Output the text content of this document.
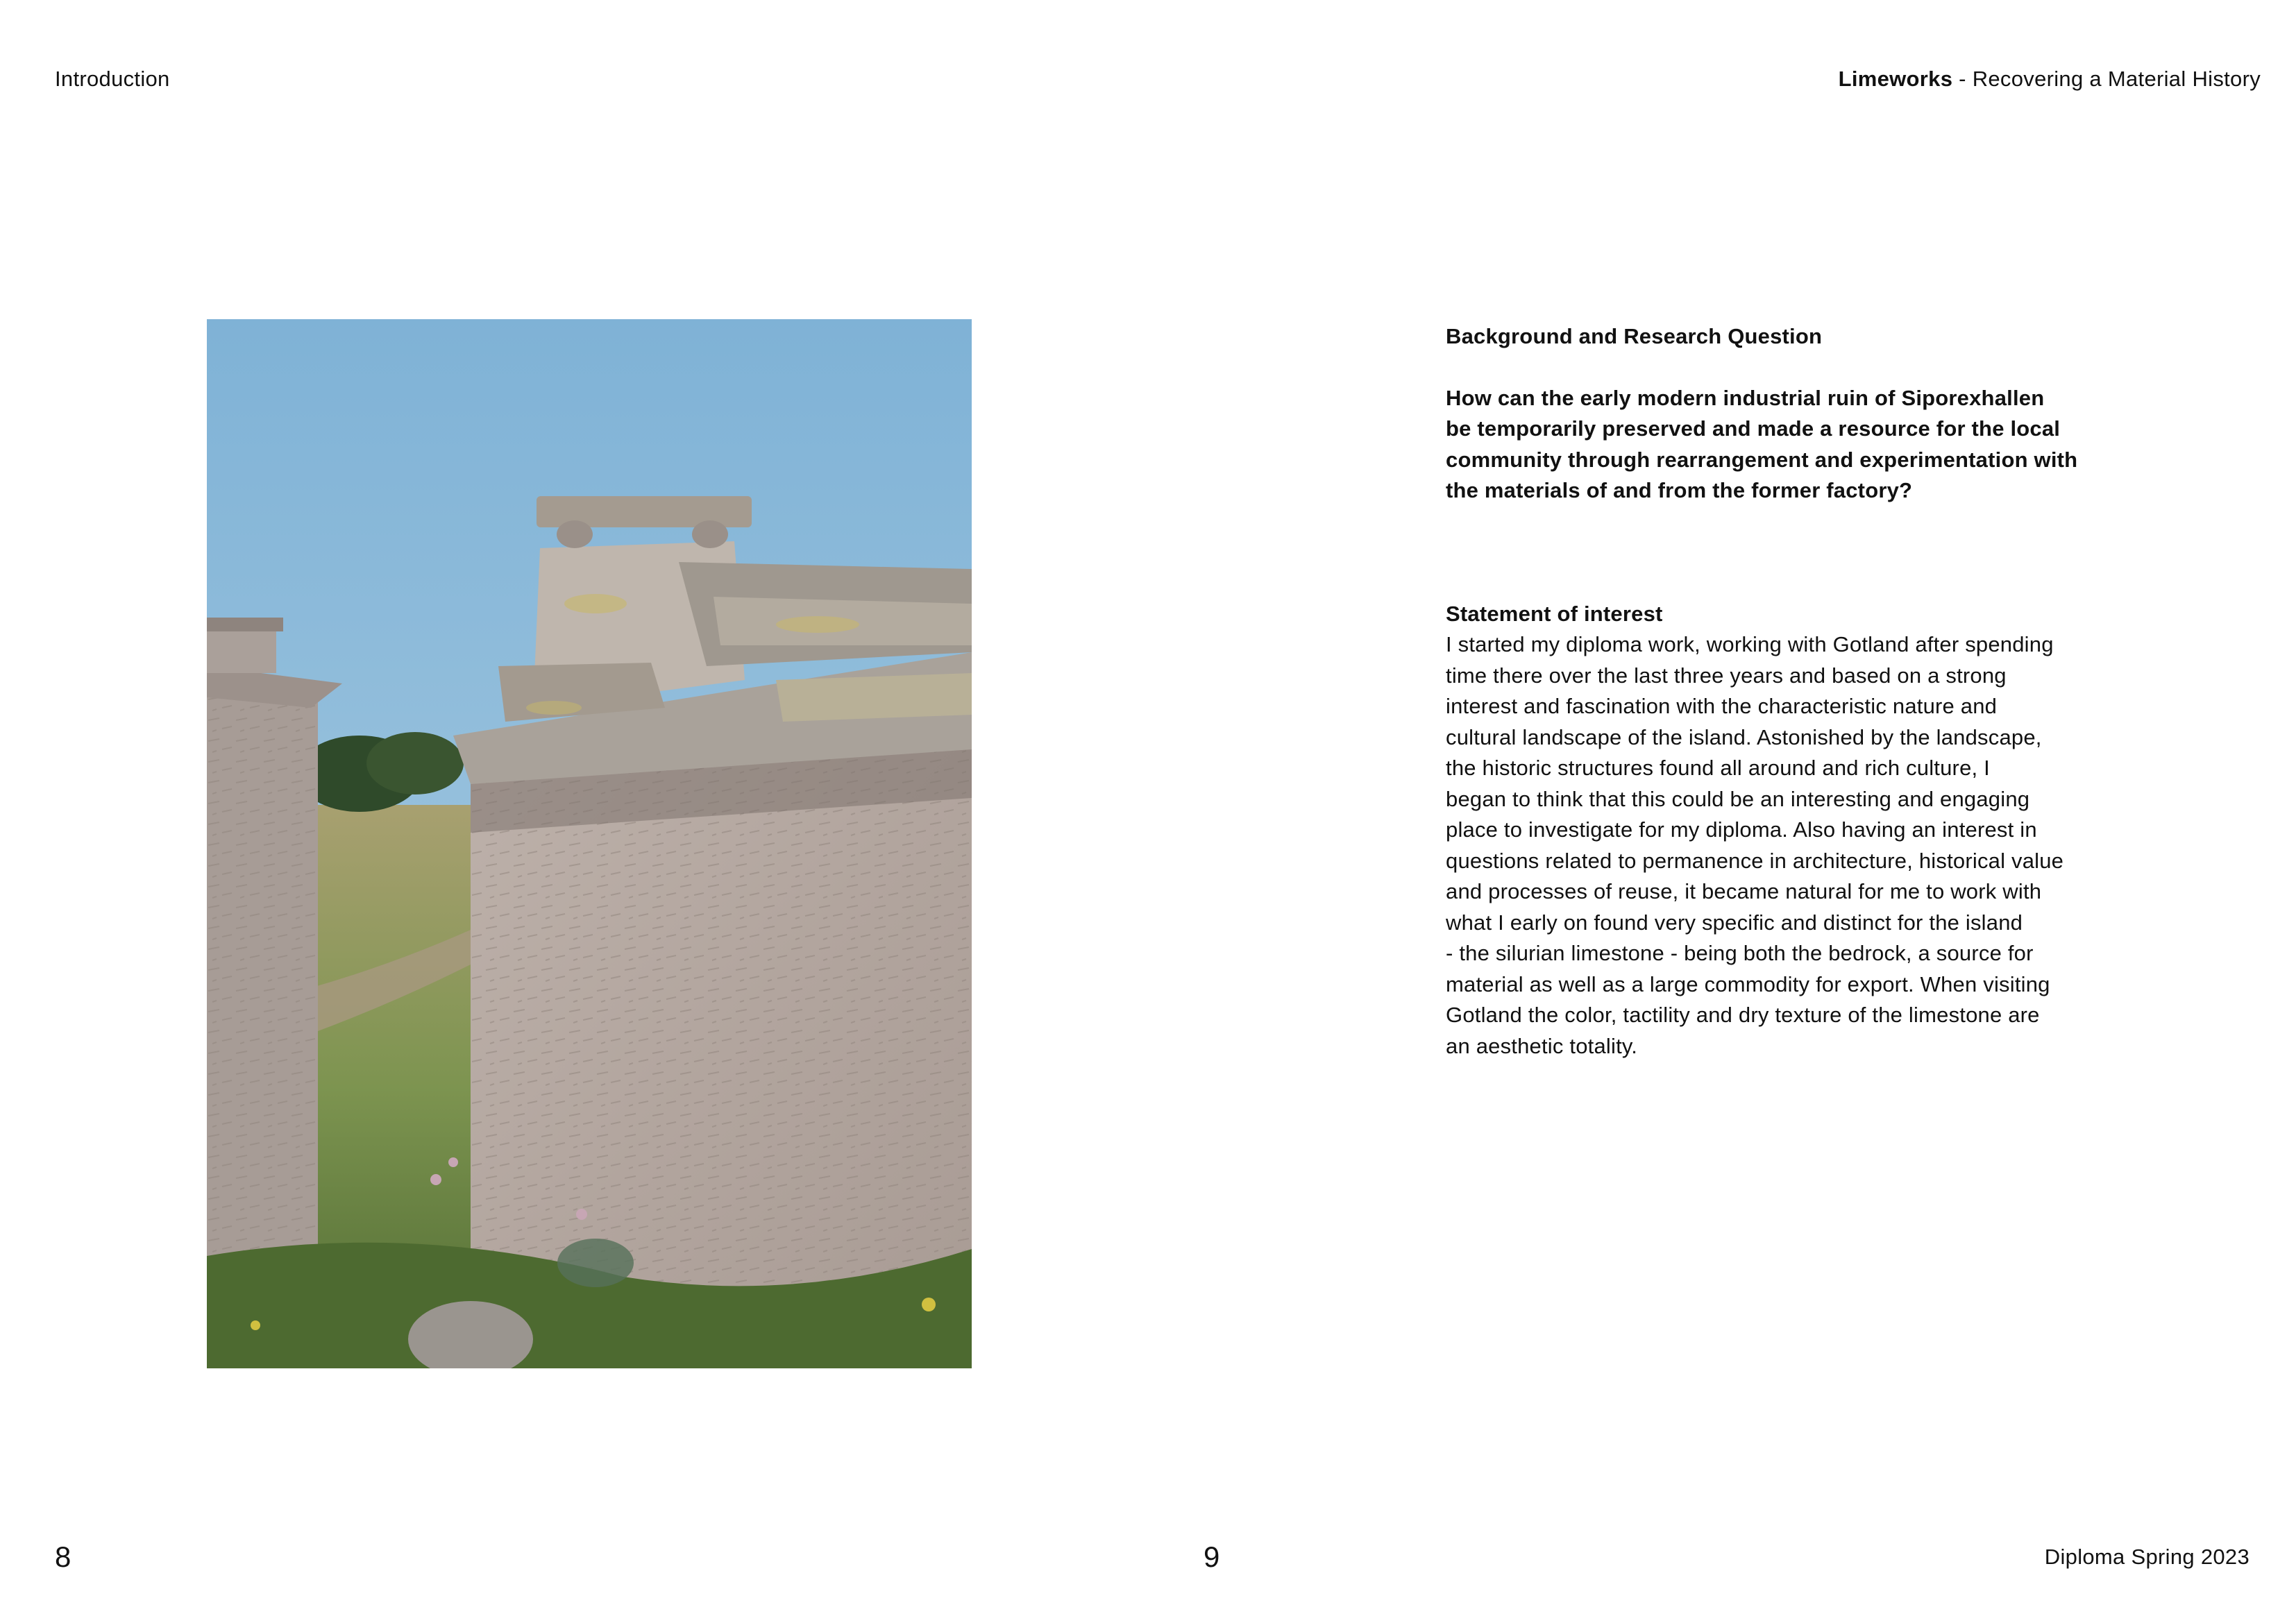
Introduction	Limeworks - Recovering a Material History

Background and Research Question

How can the early modern industrial ruin of Siporexhallen
be temporarily preserved and made a resource for the local
community through rearrangement and experimentation with
the materials of and from the former factory?

Statement of interest

I started my diploma work, working with Gotland after spending
time there over the last three years and based on a strong
interest and fascination with the characteristic nature and
cultural landscape of the island. Astonished by the landscape,
the historic structures found all around and rich culture, I
began to think that this could be an interesting and engaging
place to investigate for my diploma. Also having an interest in
questions related to permanence in architecture, historical value
and processes of reuse, it became natural for me to work with
what I early on found very specific and distinct for the island
- the silurian limestone - being both the bedrock, a source for
material as well as a large commodity for export. When visiting
Gotland the color, tactility and dry texture of the limestone are
an aesthetic totality.

8	9	Diploma Spring 2023
